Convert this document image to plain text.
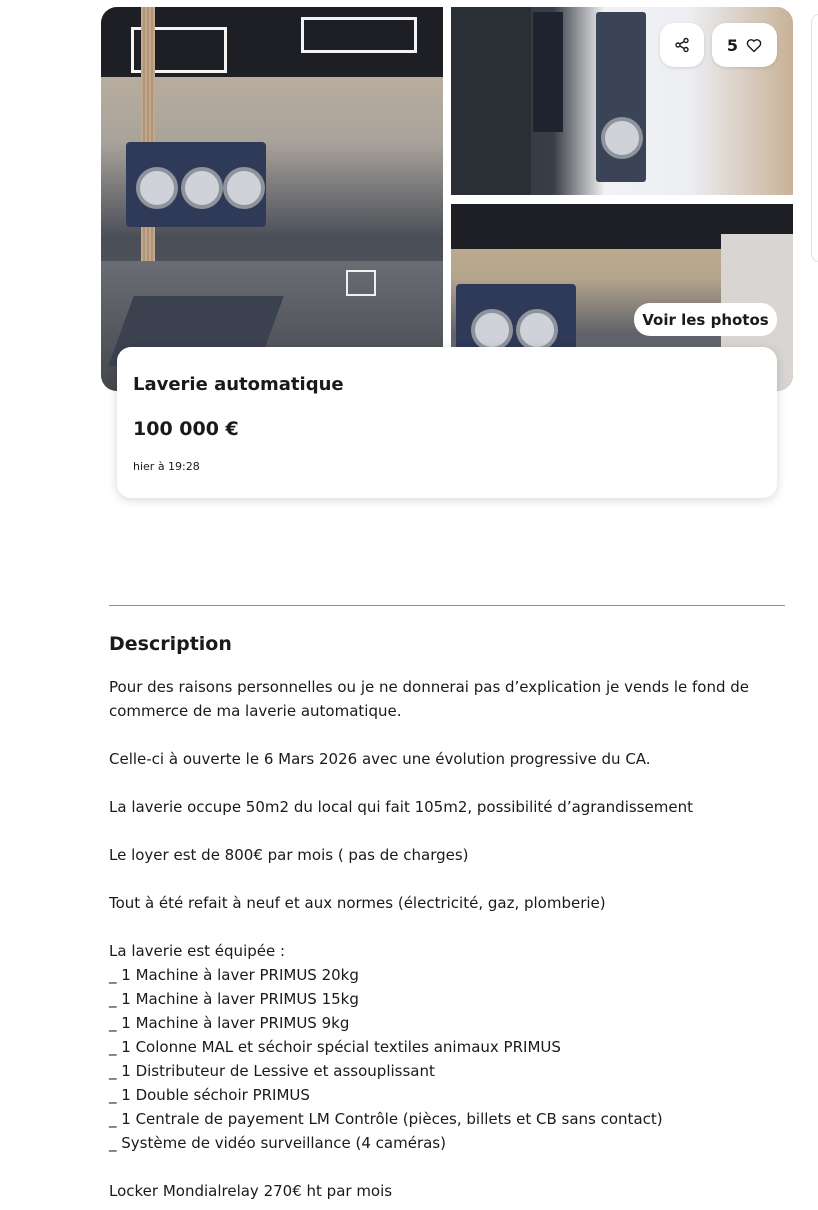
5
Voir les photos
Laverie automatique
100 000 €
hier à 19:28
Description
Pour des raisons personnelles ou je ne donnerai pas d’explication je vends le fond de commerce de ma laverie automatique.

Celle-ci à ouverte le 6 Mars 2026 avec une évolution progressive du CA.

La laverie occupe 50m2 du local qui fait 105m2, possibilité d’agrandissement

Le loyer est de 800€ par mois ( pas de charges)

Tout à été refait à neuf et aux normes (électricité, gaz, plomberie)

La laverie est équipée :
_ 1 Machine à laver PRIMUS 20kg
_ 1 Machine à laver PRIMUS 15kg
_ 1 Machine à laver PRIMUS 9kg
_ 1 Colonne MAL et séchoir spécial textiles animaux PRIMUS
_ 1 Distributeur de Lessive et assouplissant
_ 1 Double séchoir PRIMUS
_ 1 Centrale de payement LM Contrôle (pièces, billets et CB sans contact)
_ Système de vidéo surveillance (4 caméras)

Locker Mondialrelay 270€ ht par mois
